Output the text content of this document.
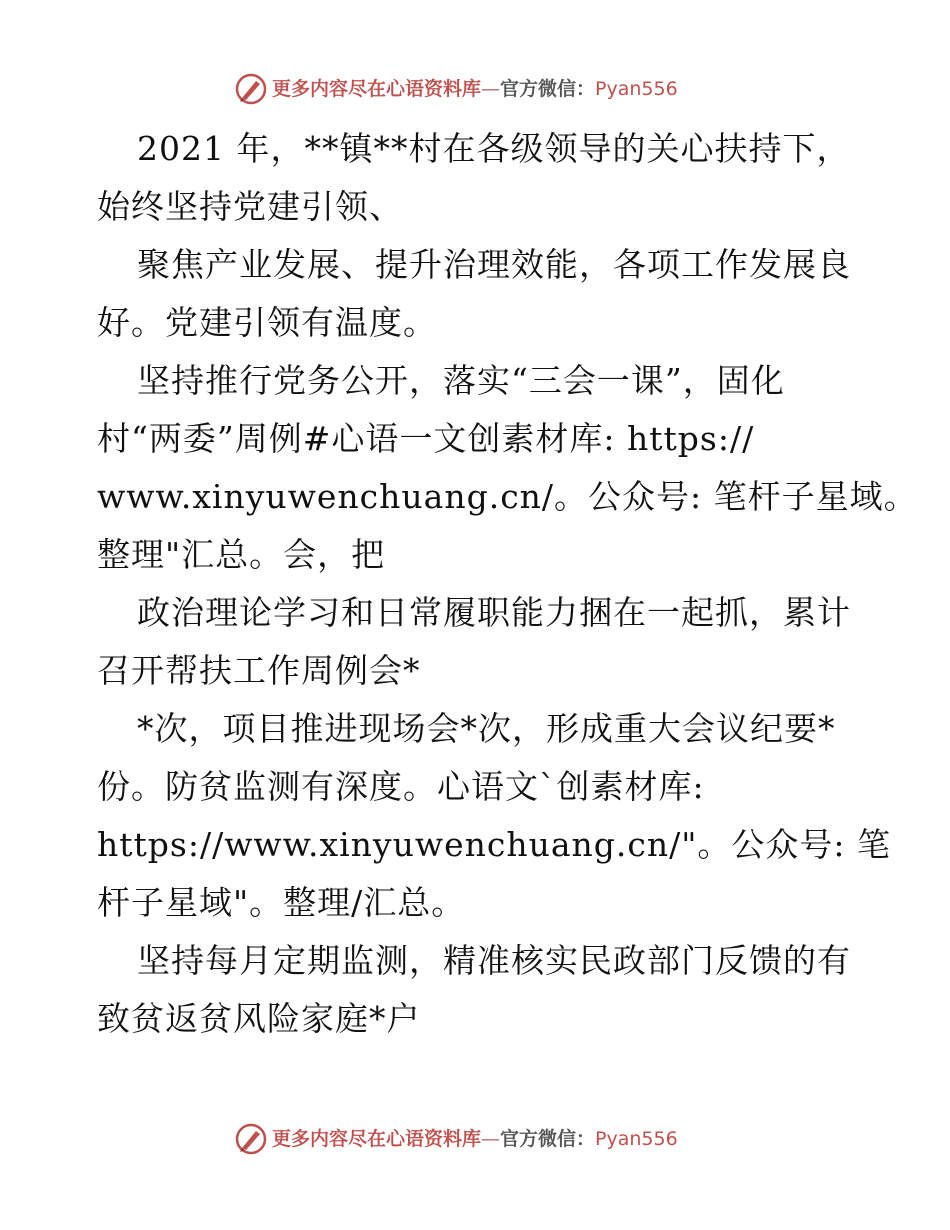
更多内容尽在心语资料库 — 官方微信： Pyan556
2021 年，**镇**村在各级领导的关心扶持下，
始终坚持党建引领、
聚焦产业发展、提升治理效能，各项工作发展良
好。党建引领有温度。
坚持推行党务公开，落实“三会一课”，固化
村“两委”周例#心语一文创素材库: https://
www.xinyuwenchuang.cn/。公众号: 笔杆子星域。
整理"汇总。会，把
政治理论学习和日常履职能力捆在一起抓，累计
召开帮扶工作周例会*
*次，项目推进现场会*次，形成重大会议纪要*
份。防贫监测有深度。心语文`创素材库:
https://www.xinyuwenchuang.cn/"。公众号: 笔
杆子星域"。整理/汇总。
坚持每月定期监测，精准核实民政部门反馈的有
致贫返贫风险家庭*户
更多内容尽在心语资料库 — 官方微信： Pyan556
